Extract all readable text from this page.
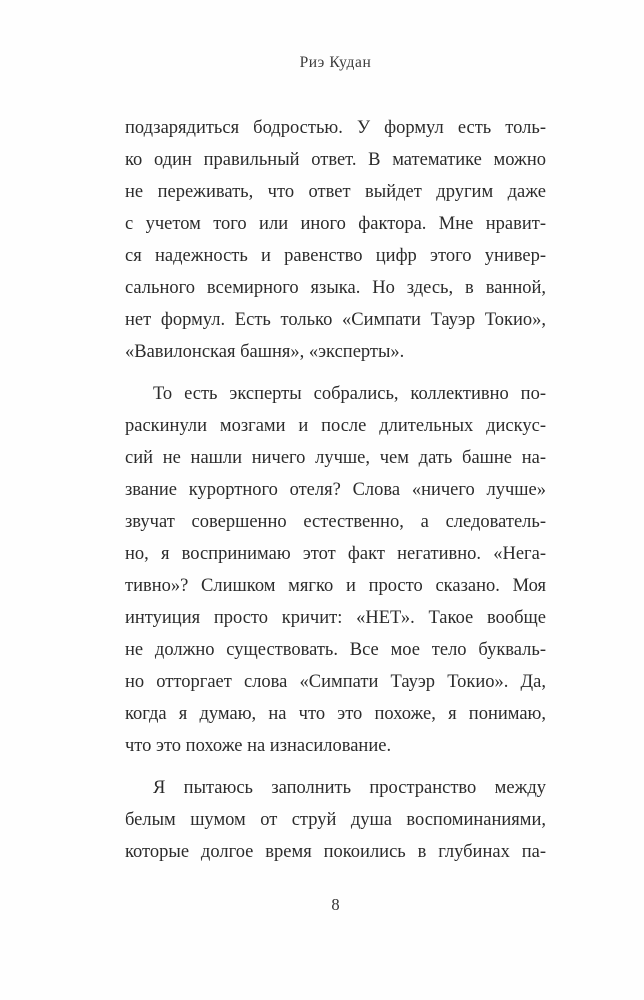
Риэ Кудан
подзарядиться бодростью. У формул есть толь-
ко один правильный ответ. В математике можно
не переживать, что ответ выйдет другим даже
с учетом того или иного фактора. Мне нравит-
ся надежность и равенство цифр этого универ-
сального всемирного языка. Но здесь, в ванной,
нет формул. Есть только «Симпати Тауэр Токио»,
«Вавилонская башня», «эксперты».
То есть эксперты собрались, коллективно по-
раскинули мозгами и после длительных дискус-
сий не нашли ничего лучше, чем дать башне на-
звание курортного отеля? Слова «ничего лучше»
звучат совершенно естественно, а следователь-
но, я воспринимаю этот факт негативно. «Нега-
тивно»? Слишком мягко и просто сказано. Моя
интуиция просто кричит: «НЕТ». Такое вообще
не должно существовать. Все мое тело букваль-
но отторгает слова «Симпати Тауэр Токио». Да,
когда я думаю, на что это похоже, я понимаю,
что это похоже на изнасилование.
Я пытаюсь заполнить пространство между
белым шумом от струй душа воспоминаниями,
которые долгое время покоились в глубинах па-
8
